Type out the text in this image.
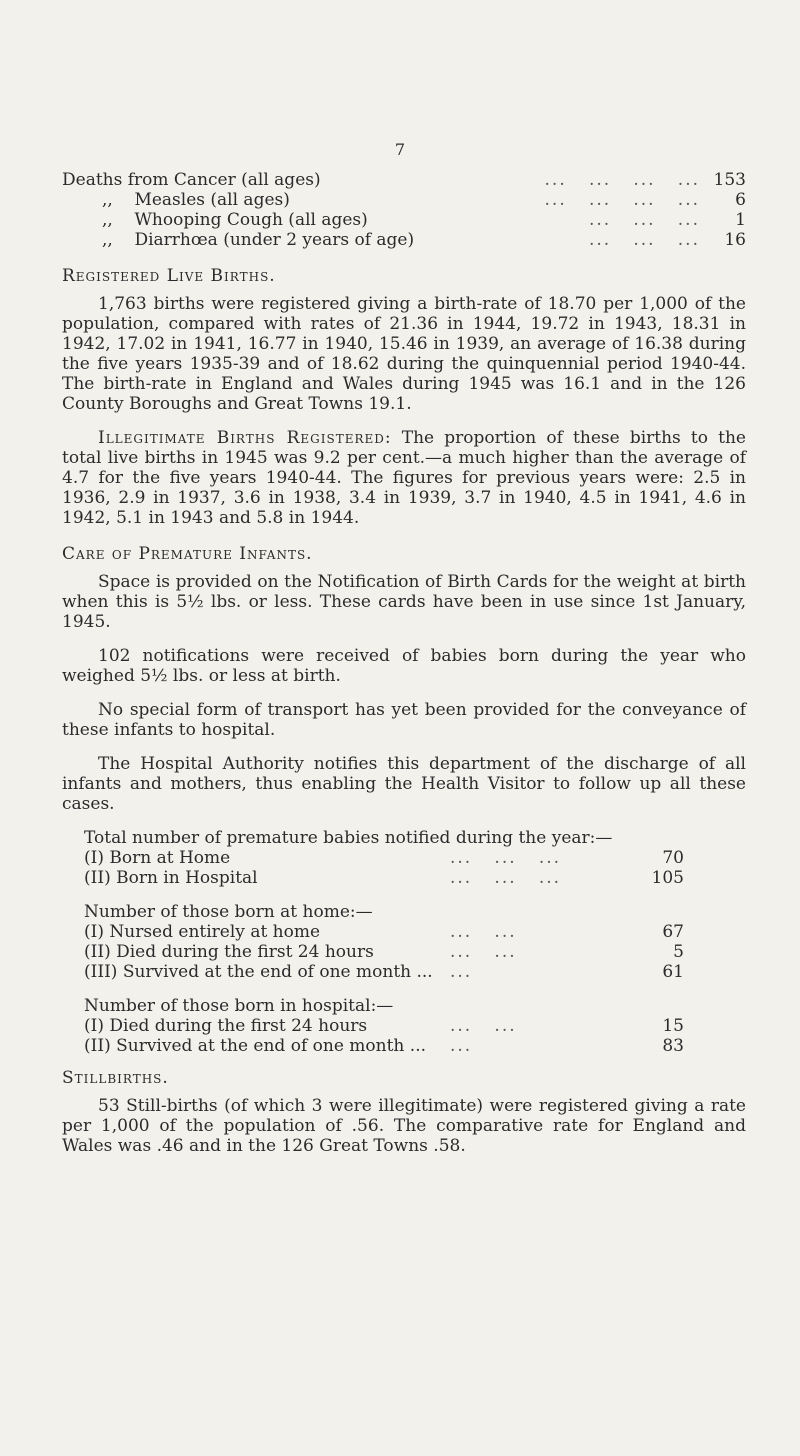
7
Deaths from Cancer (all ages)	...   ...   ...   ... 153
,, Measles (all ages)	...   ...   ...   ...	6
,, Whooping Cough (all ages)	...   ...   ...	1
,, Diarrhœa (under 2 years of age)	...   ...   ...	16
Registered Live Births.

1,763 births were registered giving a birth-rate of 18.70 per 1,000 of the population, compared with rates of 21.36 in 1944, 19.72 in 1943, 18.31 in 1942, 17.02 in 1941, 16.77 in 1940, 15.46 in 1939, an average of 16.38 during the five years 1935-39 and of 18.62 during the quinquennial period 1940-44. The birth-rate in England and Wales during 1945 was 16.1 and in the 126 County Boroughs and Great Towns 19.1.

Illegitimate Births Registered: The proportion of these births to the total live births in 1945 was 9.2 per cent.—a much higher than the average of 4.7 for the five years 1940-44. The figures for previous years were: 2.5 in 1936, 2.9 in 1937, 3.6 in 1938, 3.4 in 1939, 3.7 in 1940, 4.5 in 1941, 4.6 in 1942, 5.1 in 1943 and 5.8 in 1944.

Care of Premature Infants.

Space is provided on the Notification of Birth Cards for the weight at birth when this is 5½ lbs. or less. These cards have been in use since 1st January, 1945.

102 notifications were received of babies born during the year who weighed 5½ lbs. or less at birth.

No special form of transport has yet been provided for the conveyance of these infants to hospital.

The Hospital Authority notifies this department of the discharge of all infants and mothers, thus enabling the Health Visitor to follow up all these cases.

Total number of premature babies notified during the year:—
(I) Born at Home	...   ...   ...	70
(II) Born in Hospital	...   ...   ...	105
Number of those born at home:—
(I) Nursed entirely at home	...   ...	67
(II) Died during the first 24 hours	...   ...	5
(III) Survived at the end of one month ...	...	61
Number of those born in hospital:—
(I) Died during the first 24 hours	...   ...	15
(II) Survived at the end of one month ...	...	83
Stillbirths.

53 Still-births (of which 3 were illegitimate) were registered giving a rate per 1,000 of the population of .56. The comparative rate for England and Wales was .46 and in the 126 Great Towns .58.
